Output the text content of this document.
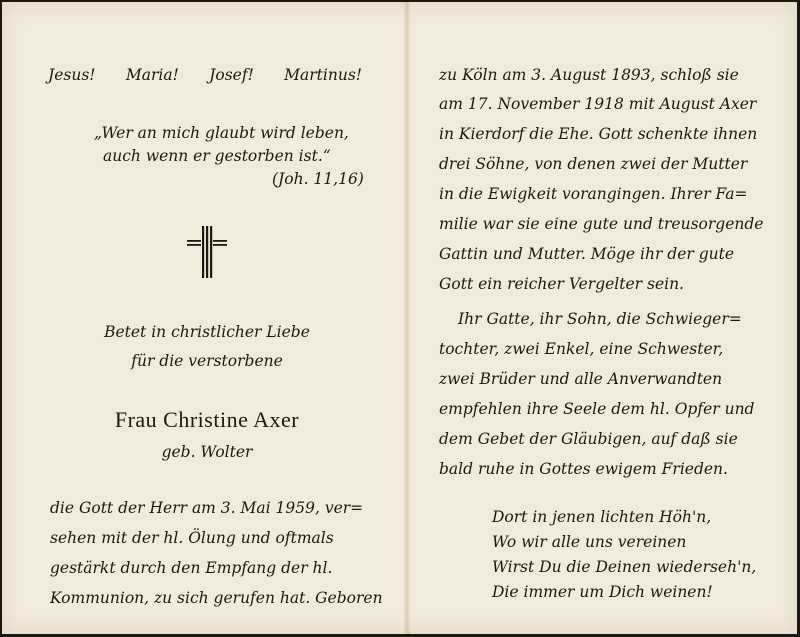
Jesus! Maria! Josef! Martinus!
„Wer an mich glaubt wird leben,
auch wenn er gestorben ist.“
(Joh. 11,16)
Betet in christlicher Liebe
für die verstorbene
Frau Christine Axer
geb. Wolter
die Gott der Herr am 3. Mai 1959, ver=
sehen mit der hl. Ölung und oftmals
gestärkt durch den Empfang der hl.
Kommunion, zu sich gerufen hat. Geboren
zu Köln am 3. August 1893, schloß sie
am 17. November 1918 mit August Axer
in Kierdorf die Ehe. Gott schenkte ihnen
drei Söhne, von denen zwei der Mutter
in die Ewigkeit vorangingen. Ihrer Fa=
milie war sie eine gute und treusorgende
Gattin und Mutter. Möge ihr der gute
Gott ein reicher Vergelter sein.
Ihr Gatte, ihr Sohn, die Schwieger=
tochter, zwei Enkel, eine Schwester,
zwei Brüder und alle Anverwandten
empfehlen ihre Seele dem hl. Opfer und
dem Gebet der Gläubigen, auf daß sie
bald ruhe in Gottes ewigem Frieden.
Dort in jenen lichten Höh'n,
Wo wir alle uns vereinen
Wirst Du die Deinen wiederseh'n,
Die immer um Dich weinen!
